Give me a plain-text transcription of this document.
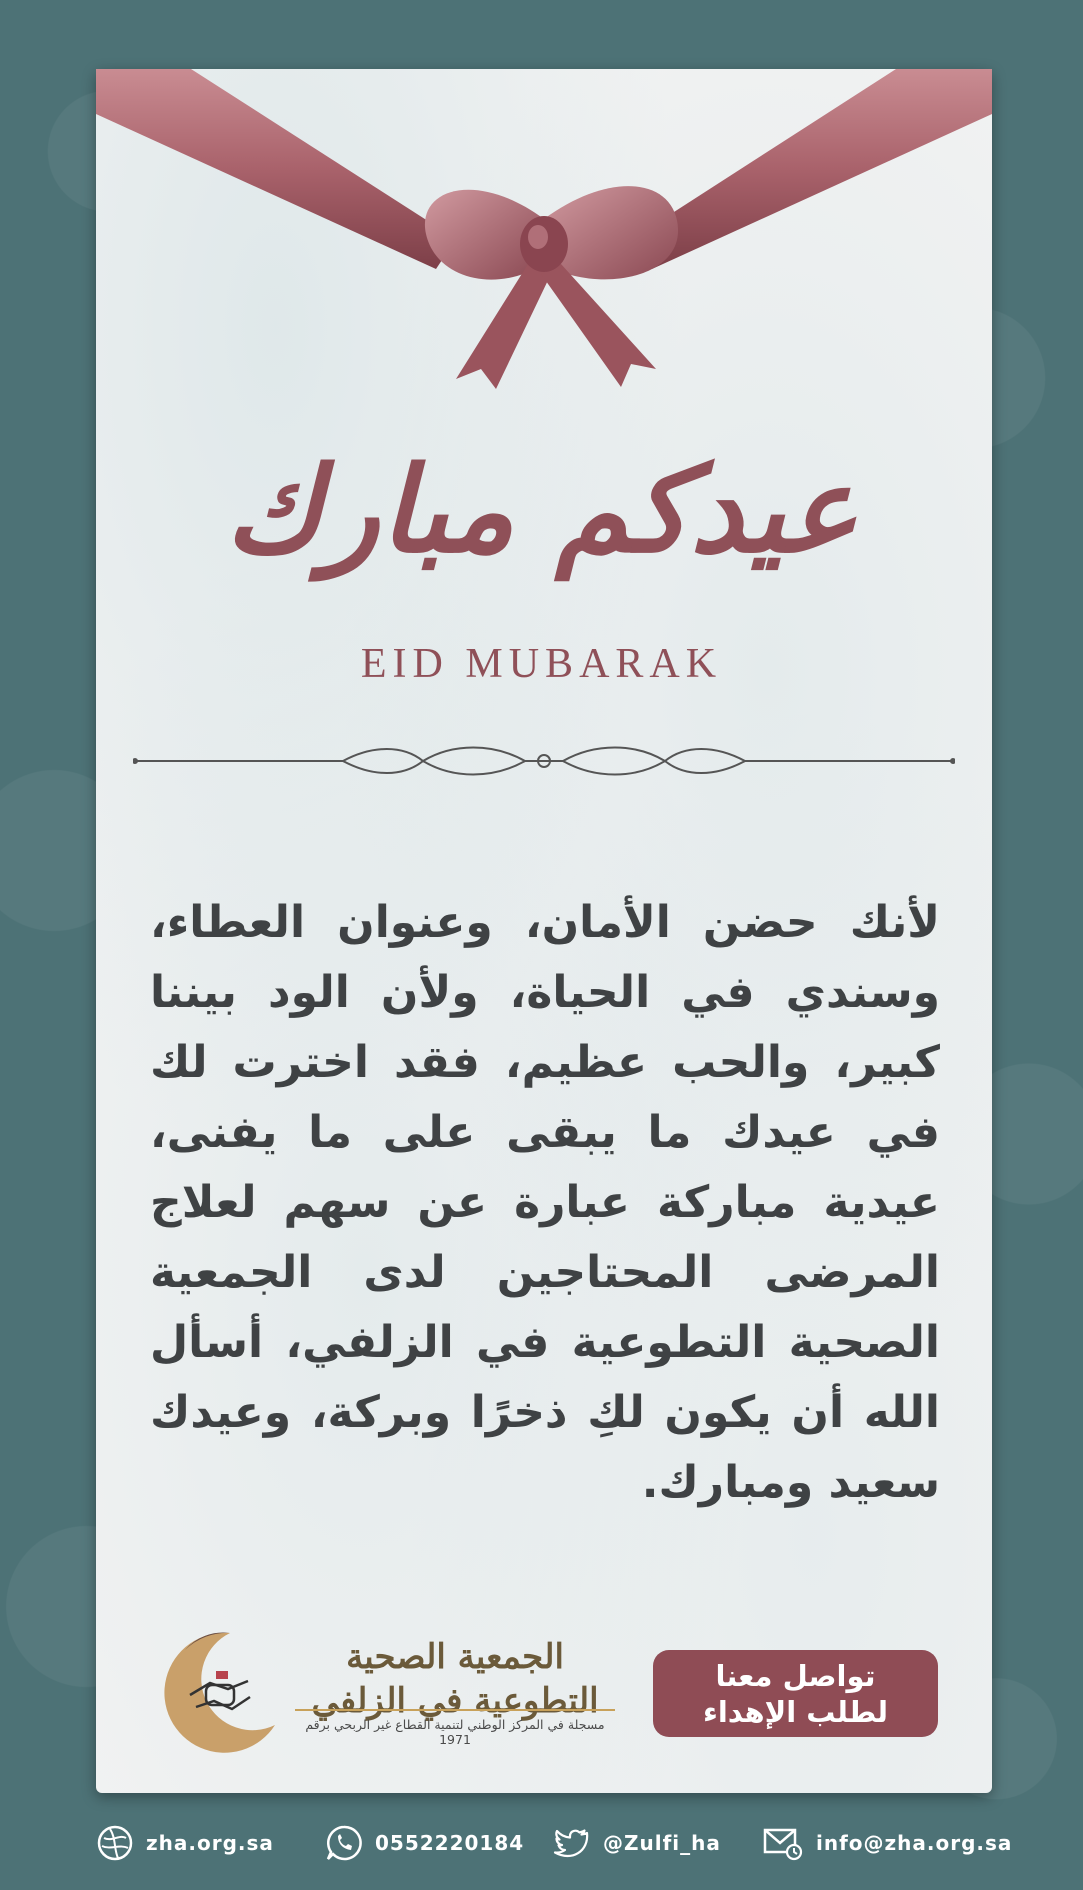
عيدكم مبارك
EID MUBARAK
لأنك حضن الأمان، وعنوان العطاء، وسندي في الحياة، ولأن الود بيننا كبير، والحب عظيم، فقد اخترت لك في عيدك ما يبقى على ما يفنى، عيدية مباركة عبارة عن سهم لعلاج المرضى المحتاجين لدى الجمعية الصحية التطوعية في الزلفي، أسأل الله أن يكون لكِ ذخرًا وبركة، وعيدك سعيد ومبارك.
الجمعية الصحية التطوعية في الزلفي
مسجلة في المركز الوطني لتنمية القطاع غير الربحي برقم 1971
تواصل معنا
لطلب الإهداء
zha.org.sa	0552220184	@Zulfi_ha	info@zha.org.sa
